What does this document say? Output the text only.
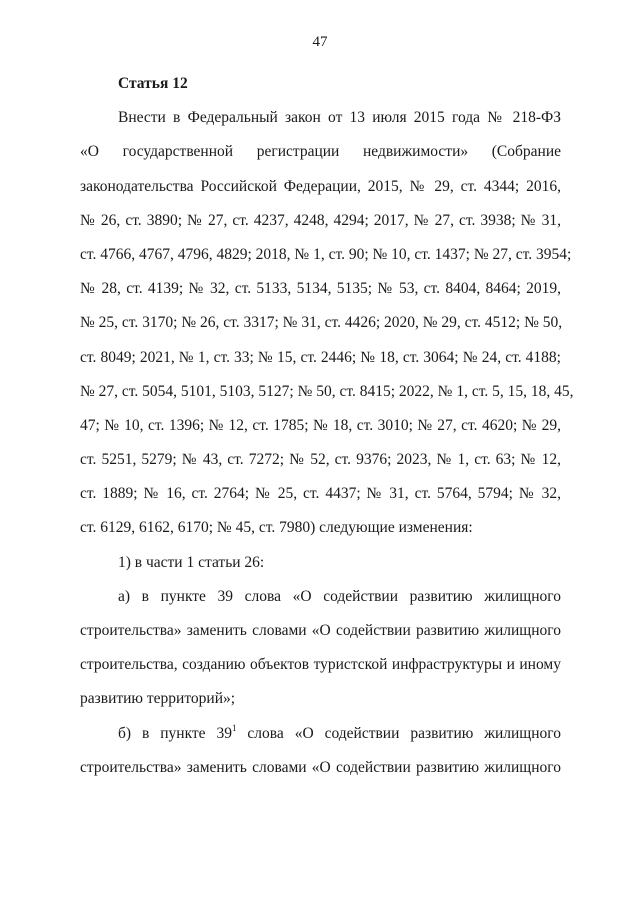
47
Статья 12
Внести в Федеральный закон от 13 июля 2015 года № 218-ФЗ
«О государственной регистрации недвижимости» (Собрание
законодательства Российской Федерации, 2015, № 29, ст. 4344; 2016,
№ 26, ст. 3890; № 27, ст. 4237, 4248, 4294; 2017, № 27, ст. 3938; № 31,
ст. 4766, 4767, 4796, 4829; 2018, № 1, ст. 90; № 10, ст. 1437; № 27, ст. 3954;
№ 28, ст. 4139; № 32, ст. 5133, 5134, 5135; № 53, ст. 8404, 8464; 2019,
№ 25, ст. 3170; № 26, ст. 3317; № 31, ст. 4426; 2020, № 29, ст. 4512; № 50,
ст. 8049; 2021, № 1, ст. 33; № 15, ст. 2446; № 18, ст. 3064; № 24, ст. 4188;
№ 27, ст. 5054, 5101, 5103, 5127; № 50, ст. 8415; 2022, № 1, ст. 5, 15, 18, 45,
47; № 10, ст. 1396; № 12, ст. 1785; № 18, ст. 3010; № 27, ст. 4620; № 29,
ст. 5251, 5279; № 43, ст. 7272; № 52, ст. 9376; 2023, № 1, ст. 63; № 12,
ст. 1889; № 16, ст. 2764; № 25, ст. 4437; № 31, ст. 5764, 5794; № 32,
ст. 6129, 6162, 6170; № 45, ст. 7980) следующие изменения:
1) в части 1 статьи 26:
а) в пункте 39 слова «О содействии развитию жилищного
строительства» заменить словами «О содействии развитию жилищного
строительства, созданию объектов туристской инфраструктуры и иному
развитию территорий»;
б) в пункте $39^1$ слова «О содействии развитию жилищного
строительства» заменить словами «О содействии развитию жилищного
